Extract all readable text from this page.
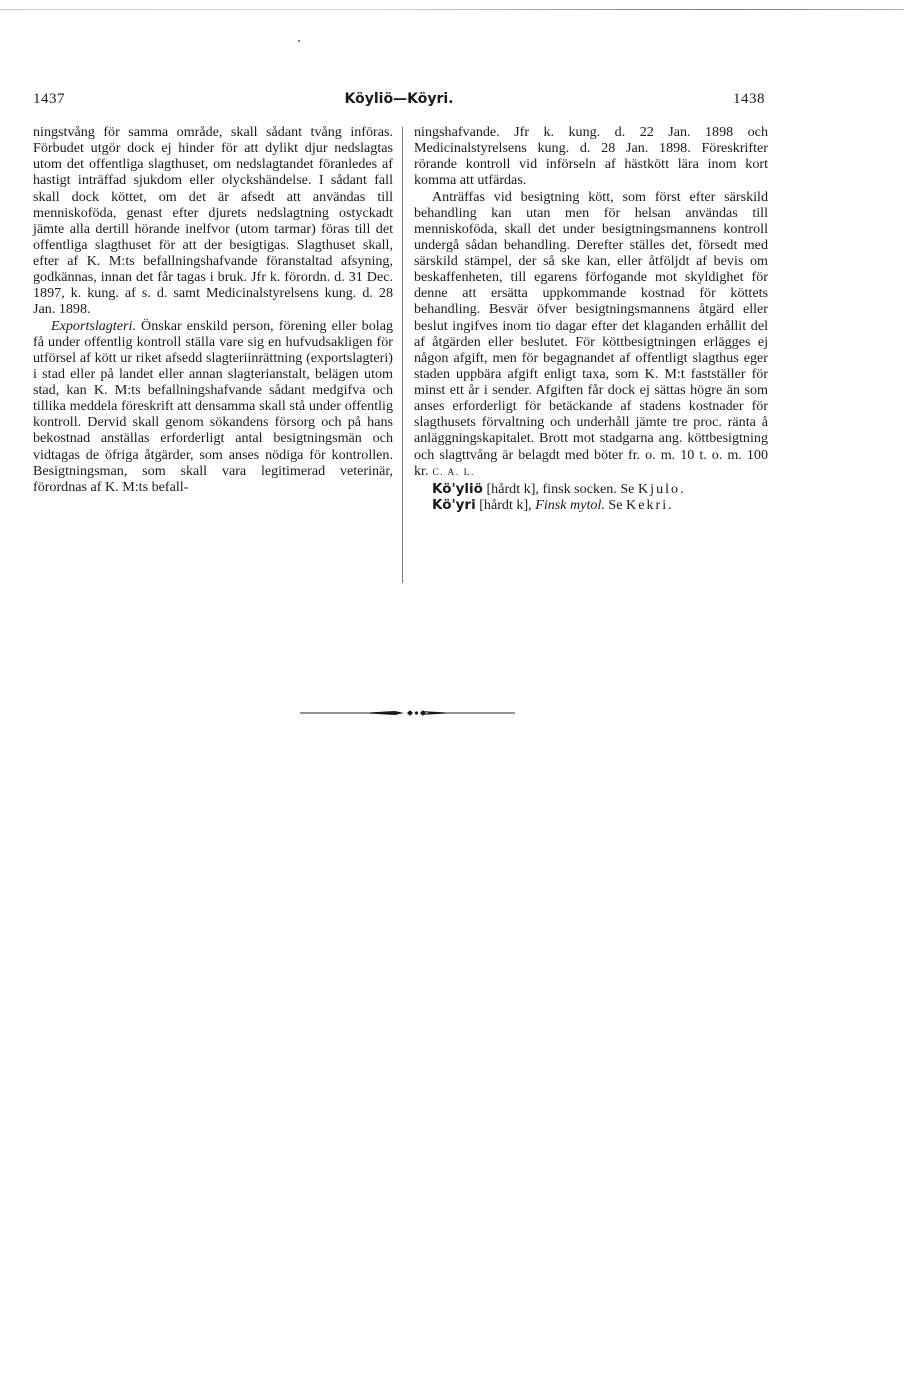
1437	Köyliö—Köyri.	1438

ningstvång för samma område, skall sådant tvång införas. Förbudet utgör dock ej hinder för att dylikt djur nedslagtas utom det offentliga slagthuset, om nedslagtandet föranledes af hastigt inträffad sjukdom eller olyckshändelse. I sådant fall skall dock köttet, om det är afsedt att användas till menniskoföda, genast efter djurets nedslagtning ostyckadt jämte alla dertill hörande inelfvor (utom tarmar) föras till det offentliga slagthuset för att der besigtigas. Slagthuset skall, efter af K. M:ts befallningshafvande föranstaltad afsyning, godkännas, innan det får tagas i bruk. Jfr k. förordn. d. 31 Dec. 1897, k. kung. af s. d. samt Medicinalstyrelsens kung. d. 28 Jan. 1898.

Exportslagteri. Önskar enskild person, förening eller bolag få under offentlig kontroll ställa vare sig en hufvudsakligen för utförsel af kött ur riket afsedd slagteriinrättning (exportslagteri) i stad eller på landet eller annan slagterianstalt, belägen utom stad, kan K. M:ts befallningshafvande sådant medgifva och tillika meddela föreskrift att densamma skall stå under offentlig kontroll. Dervid skall genom sökandens försorg och på hans bekostnad anställas erforderligt antal besigtningsmän och vidtagas de öfriga åtgärder, som anses nödiga för kontrollen. Besigtningsman, som skall vara legitimerad veterinär, förordnas af K. M:ts befall-

ningshafvande. Jfr k. kung. d. 22 Jan. 1898 och Medicinalstyrelsens kung. d. 28 Jan. 1898. Föreskrifter rörande kontroll vid införseln af hästkött lära inom kort komma att utfärdas.

Anträffas vid besigtning kött, som först efter särskild behandling kan utan men för helsan användas till menniskoföda, skall det under besigtningsmannens kontroll undergå sådan behandling. Derefter ställes det, försedt med särskild stämpel, der så ske kan, eller åtföljdt af bevis om beskaffenheten, till egarens förfogande mot skyldighet för denne att ersätta uppkommande kostnad för köttets behandling. Besvär öfver besigtningsmannens åtgärd eller beslut ingifves inom tio dagar efter det klaganden erhållit del af åtgärden eller beslutet. För köttbesigtningen erlägges ej någon afgift, men för begagnandet af offentligt slagthus eger staden uppbära afgift enligt taxa, som K. M:t fastställer för minst ett år i sender. Afgiften får dock ej sättas högre än som anses erforderligt för betäckande af stadens kostnader för slagthusets förvaltning och underhåll jämte tre proc. ränta å anläggningskapitalet. Brott mot stadgarna ang. köttbesigtning och slagttvång är belagdt med böter fr. o. m. 10 t. o. m. 100 kr. C. A. L.

Kö'yliö [hårdt k], finsk socken. Se Kjulo.

Kö'yri [hårdt k], Finsk mytol. Se Kekri.
